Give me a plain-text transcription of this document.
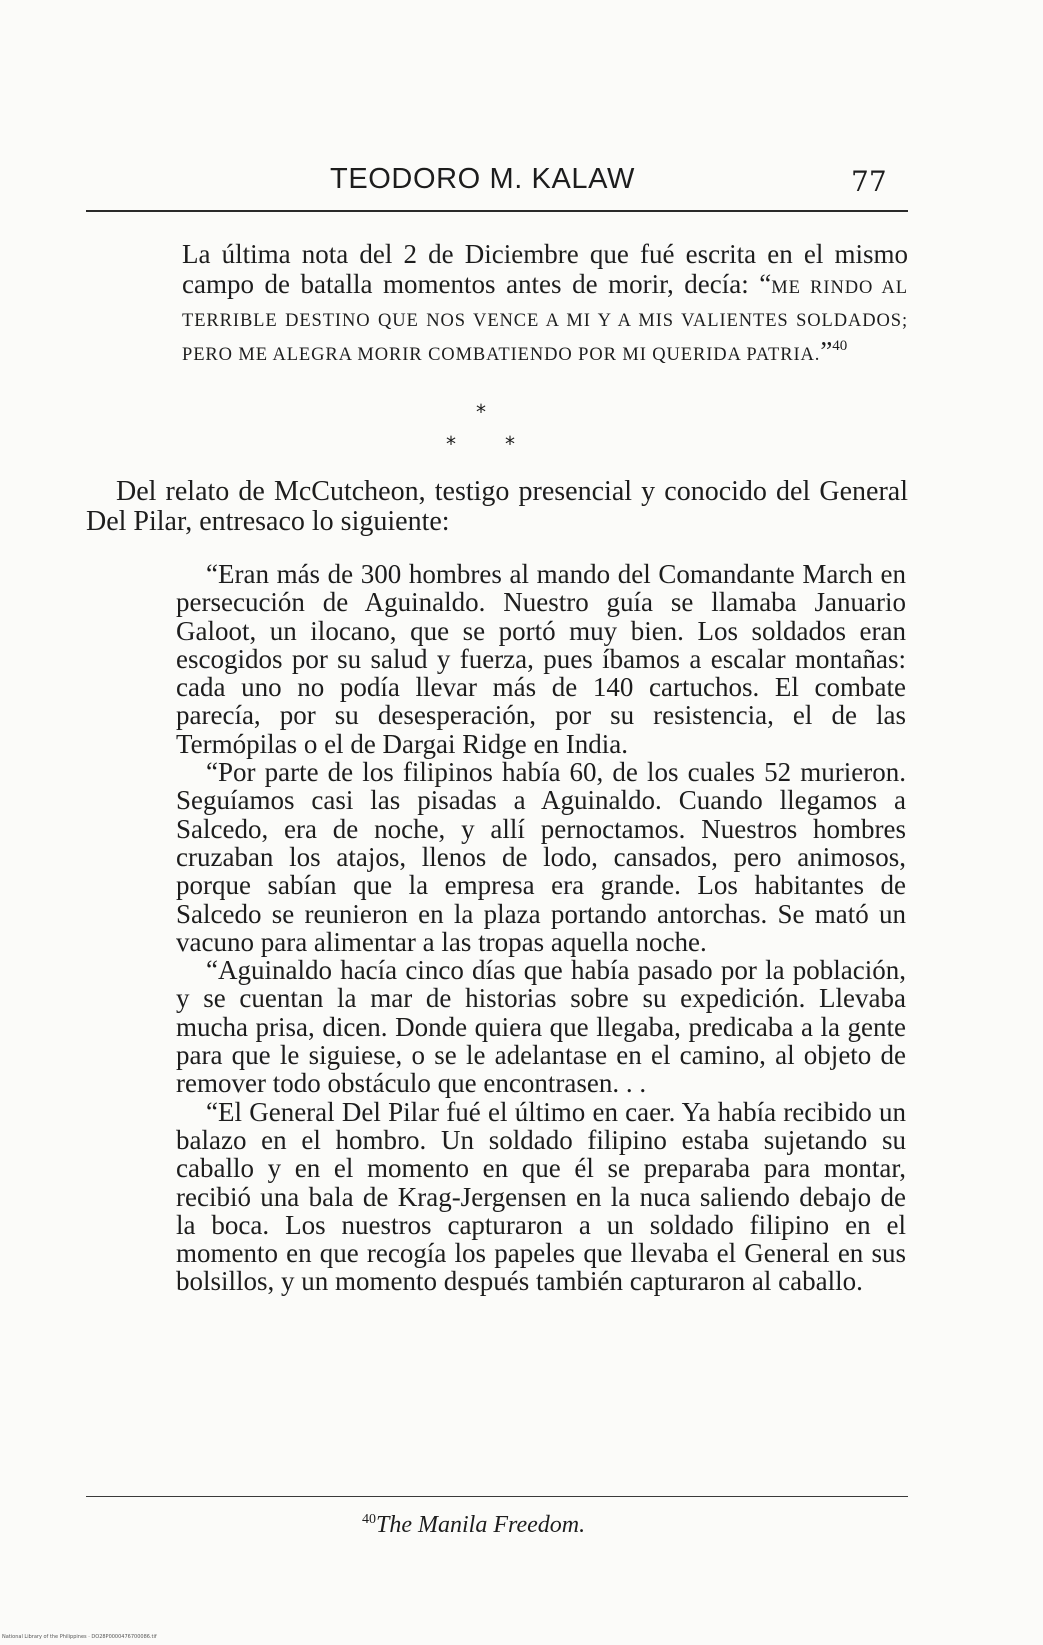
TEODORO M. KALAW	77

La última nota del 2 de Diciembre que fué escrita en el mismo campo de batalla momentos antes de morir, decía: “ME RINDO AL TERRIBLE DESTINO QUE NOS VENCE A MI Y A MIS VALIENTES SOLDADOS; PERO ME ALEGRA MORIR COMBATIENDO POR MI QUERIDA PATRIA.”$^{40}$

*
* *

Del relato de McCutcheon, testigo presencial y conocido del General Del Pilar, entresaco lo siguiente:

“Eran más de 300 hombres al mando del Comandante March en persecución de Aguinaldo. Nuestro guía se llamaba Januario Galoot, un ilocano, que se portó muy bien. Los soldados eran escogidos por su salud y fuerza, pues íbamos a escalar montañas: cada uno no podía llevar más de 140 cartuchos. El combate parecía, por su desesperación, por su resistencia, el de las Termópilas o el de Dargai Ridge en India.

“Por parte de los filipinos había 60, de los cuales 52 murieron. Seguíamos casi las pisadas a Aguinaldo. Cuando llegamos a Salcedo, era de noche, y allí pernoctamos. Nuestros hombres cruzaban los atajos, llenos de lodo, cansados, pero animosos, porque sabían que la empresa era grande. Los habitantes de Salcedo se reunieron en la plaza portando antorchas. Se mató un vacuno para alimentar a las tropas aquella noche.

“Aguinaldo hacía cinco días que había pasado por la población, y se cuentan la mar de historias sobre su expedición. Llevaba mucha prisa, dicen. Donde quiera que llegaba, predicaba a la gente para que le siguiese, o se le adelantase en el camino, al objeto de remover todo obstáculo que encontrasen. . .

“El General Del Pilar fué el último en caer. Ya había recibido un balazo en el hombro. Un soldado filipino estaba sujetando su caballo y en el momento en que él se preparaba para montar, recibió una bala de Krag-Jergensen en la nuca saliendo debajo de la boca. Los nuestros capturaron a un soldado filipino en el momento en que recogía los papeles que llevaba el General en sus bolsillos, y un momento después también capturaron al caballo.

$^{40}$The Manila Freedom.
National Library of the Philippines · DO28P0000476700086.tif
